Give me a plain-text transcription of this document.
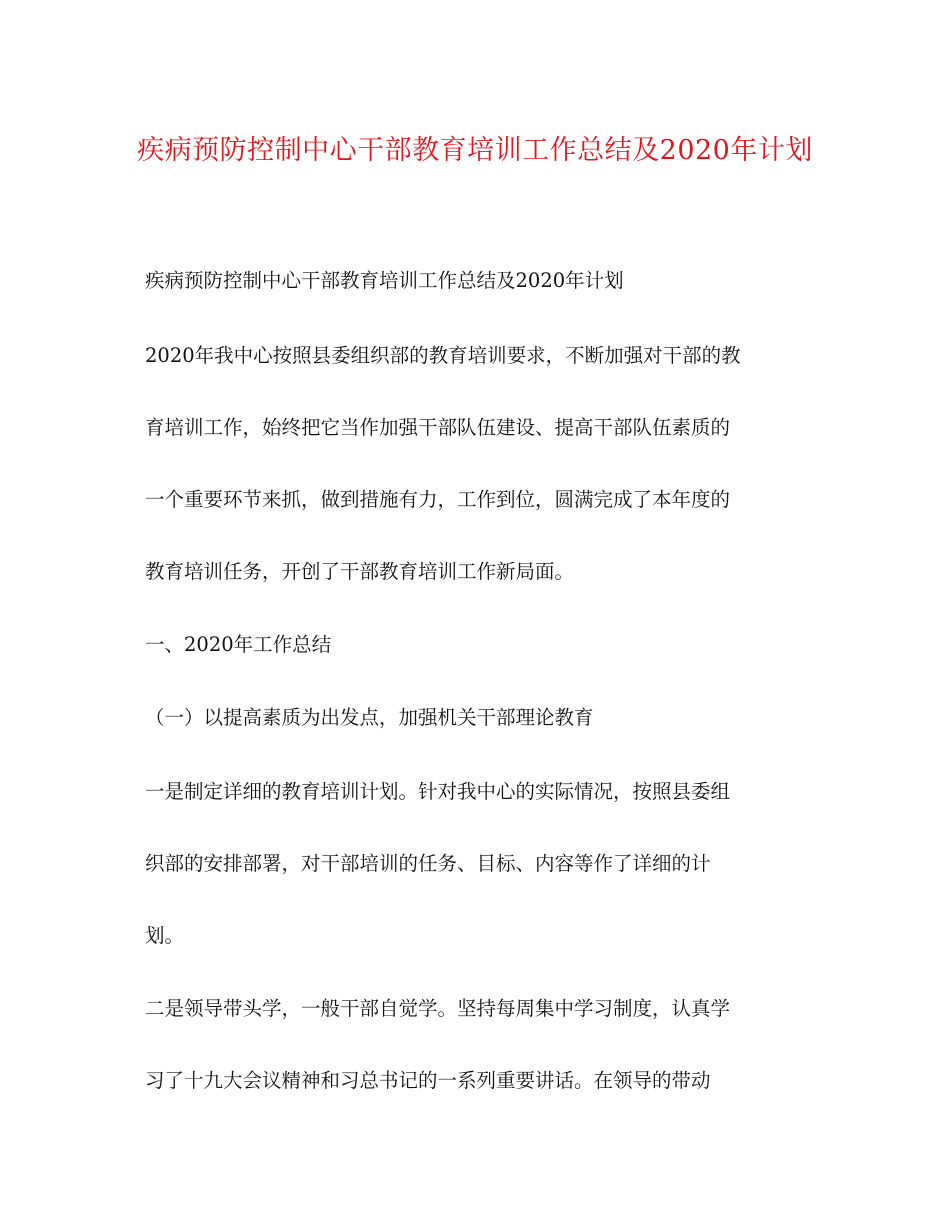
疾病预防控制中心干部教育培训工作总结及2020年计划
疾病预防控制中心干部教育培训工作总结及2020年计划
2020年我中心按照县委组织部的教育培训要求，不断加强对干部的教
育培训工作，始终把它当作加强干部队伍建设、提高干部队伍素质的
一个重要环节来抓，做到措施有力，工作到位，圆满完成了本年度的
教育培训任务，开创了干部教育培训工作新局面。
一、2020年工作总结
（一）以提高素质为出发点，加强机关干部理论教育
一是制定详细的教育培训计划。针对我中心的实际情况，按照县委组
织部的安排部署，对干部培训的任务、目标、内容等作了详细的计
划。
二是领导带头学，一般干部自觉学。坚持每周集中学习制度，认真学
习了十九大会议精神和习总书记的一系列重要讲话。在领导的带动
